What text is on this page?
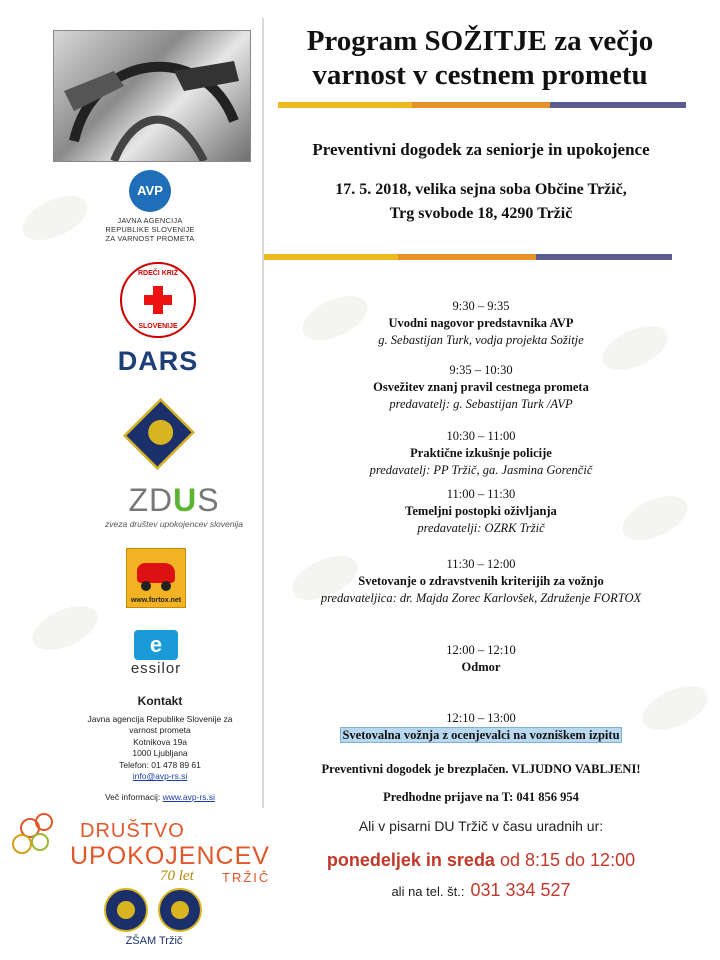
AVP
JAVNA AGENCIJA
REPUBLIKE SLOVENIJE
ZA VARNOST PROMETA
RDEČI KRIŽ
SLOVENIJE
DARS
ZDUS
zveza društev upokojencev slovenija
www.fortox.net
e
essilor
Kontakt
Javna agencija Republike Slovenije za
varnost prometa
Kotnikova 19a
1000 Ljubljana
Telefon: 01 478 89 61
info@avp-rs.si
Več informacij: www.avp-rs.si
DRUŠTVO
UPOKOJENCEV
70 let TRŽIČ
ZŠAM Tržič
Program SOŽITJE za večjo
varnost v cestnem prometu
Preventivni dogodek za seniorje in upokojence
17. 5. 2018, velika sejna soba Občine Tržič,
Trg svobode 18, 4290 Tržič
9:30 – 9:35
Uvodni nagovor predstavnika AVP
g. Sebastijan Turk, vodja projekta Sožitje
9:35 – 10:30
Osvežitev znanj pravil cestnega prometa
predavatelj: g. Sebastijan Turk /AVP
10:30 – 11:00
Praktične izkušnje policije
predavatelj: PP Tržič, ga. Jasmina Gorenčič
11:00 – 11:30
Temeljni postopki oživljanja
predavatelji: OZRK Tržič
11:30 – 12:00
Svetovanje o zdravstvenih kriterijih za vožnjo
predavateljica: dr. Majda Zorec Karlovšek, Združenje FORTOX
12:00 – 12:10
Odmor
12:10 – 13:00
Svetovalna vožnja z ocenjevalci na vozniškem izpitu
Preventivni dogodek je brezplačen. VLJUDNO VABLJENI!
Predhodne prijave na T: 041 856 954
Ali v pisarni DU Tržič v času uradnih ur:
ponedeljek in sreda od 8:15 do 12:00
ali na tel. št.: 031 334 527
